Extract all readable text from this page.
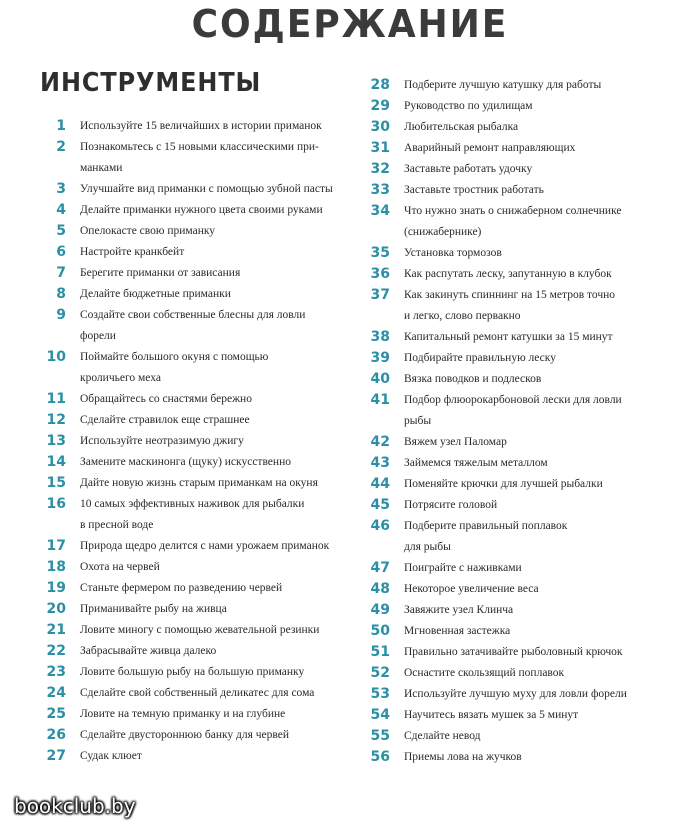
СОДЕРЖАНИЕ
ИНСТРУМЕНТЫ
1 Используйте 15 величайших в истории приманок
2 Познакомьтесь с 15 новыми классическими при-
манками
3 Улучшайте вид приманки с помощью зубной пасты
4 Делайте приманки нужного цвета своими руками
5 Опелокасте свою приманку
6 Настройте кранкбейт
7 Берегите приманки от зависания
8 Делайте бюджетные приманки
9 Создайте свои собственные блесны для ловли
форели
10 Поймайте большого окуня с помощью
кроличьего меха
11 Обращайтесь со снастями бережно
12 Сделайте стравилок еще страшнее
13 Используйте неотразимую джигу
14 Замените маскинонга (щуку) искусственно
15 Дайте новую жизнь старым приманкам на окуня
16 10 самых эффективных наживок для рыбалки
в пресной воде
17 Природа щедро делится с нами урожаем приманок
18 Охота на червей
19 Станьте фермером по разведению червей
20 Приманивайте рыбу на живца
21 Ловите миногу с помощью жевательной резинки
22 Забрасывайте живца далеко
23 Ловите большую рыбу на большую приманку
24 Сделайте свой собственный деликатес для сома
25 Ловите на темную приманку и на глубине
26 Сделайте двустороннюю банку для червей
27 Судак клюет
28 Подберите лучшую катушку для работы
29 Руководство по удилищам
30 Любительская рыбалка
31 Аварийный ремонт направляющих
32 Заставьте работать удочку
33 Заставьте тростник работать
34 Что нужно знать о снижаберном солнечнике
(снижабернике)
35 Установка тормозов
36 Как распутать леску, запутанную в клубок
37 Как закинуть спиннинг на 15 метров точно
и легко, слово первакно
38 Капитальный ремонт катушки за 15 минут
39 Подбирайте правильную леску
40 Вязка поводков и подлесков
41 Подбор флюорокарбоновой лески для ловли
рыбы
42 Вяжем узел Паломар
43 Займемся тяжелым металлом
44 Поменяйте крючки для лучшей рыбалки
45 Потрясите головой
46 Подберите правильный поплавок
для рыбы
47 Поиграйте с наживками
48 Некоторое увеличение веса
49 Завяжите узел Клинча
50 Мгновенная застежка
51 Правильно затачивайте рыболовный крючок
52 Оснастите скользящий поплавок
53 Используйте лучшую муху для ловли форели
54 Научитесь вязать мушек за 5 минут
55 Сделайте невод
56 Приемы лова на жучков
bookclub.by
